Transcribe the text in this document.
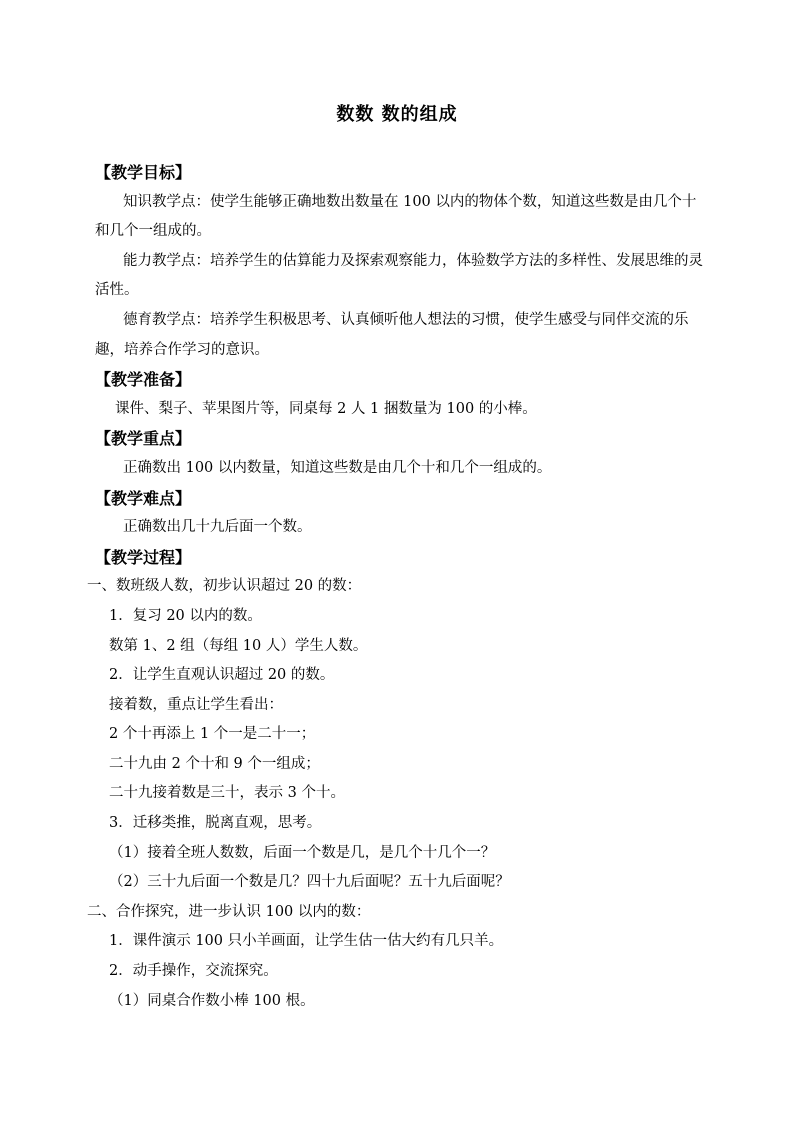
数数 数的组成
【教学目标】
知识教学点：使学生能够正确地数出数量在 100 以内的物体个数，知道这些数是由几个十和几个一组成的。
能力教学点：培养学生的估算能力及探索观察能力，体验数学方法的多样性、发展思维的灵活性。
德育教学点：培养学生积极思考、认真倾听他人想法的习惯，使学生感受与同伴交流的乐趣，培养合作学习的意识。
【教学准备】
课件、梨子、苹果图片等，同桌每 2 人 1 捆数量为 100 的小棒。
【教学重点】
正确数出 100 以内数量，知道这些数是由几个十和几个一组成的。
【教学难点】
正确数出几十九后面一个数。
【教学过程】
一、数班级人数，初步认识超过 20 的数：
1．复习 20 以内的数。
数第 1、2 组（每组 10 人）学生人数。
2．让学生直观认识超过 20 的数。
接着数，重点让学生看出：
2 个十再添上 1 个一是二十一；
二十九由 2 个十和 9 个一组成；
二十九接着数是三十，表示 3 个十。
3．迁移类推，脱离直观，思考。
（1）接着全班人数数，后面一个数是几，是几个十几个一？
（2）三十九后面一个数是几？四十九后面呢？五十九后面呢？
二、合作探究，进一步认识 100 以内的数：
1．课件演示 100 只小羊画面，让学生估一估大约有几只羊。
2．动手操作，交流探究。
（1）同桌合作数小棒 100 根。
